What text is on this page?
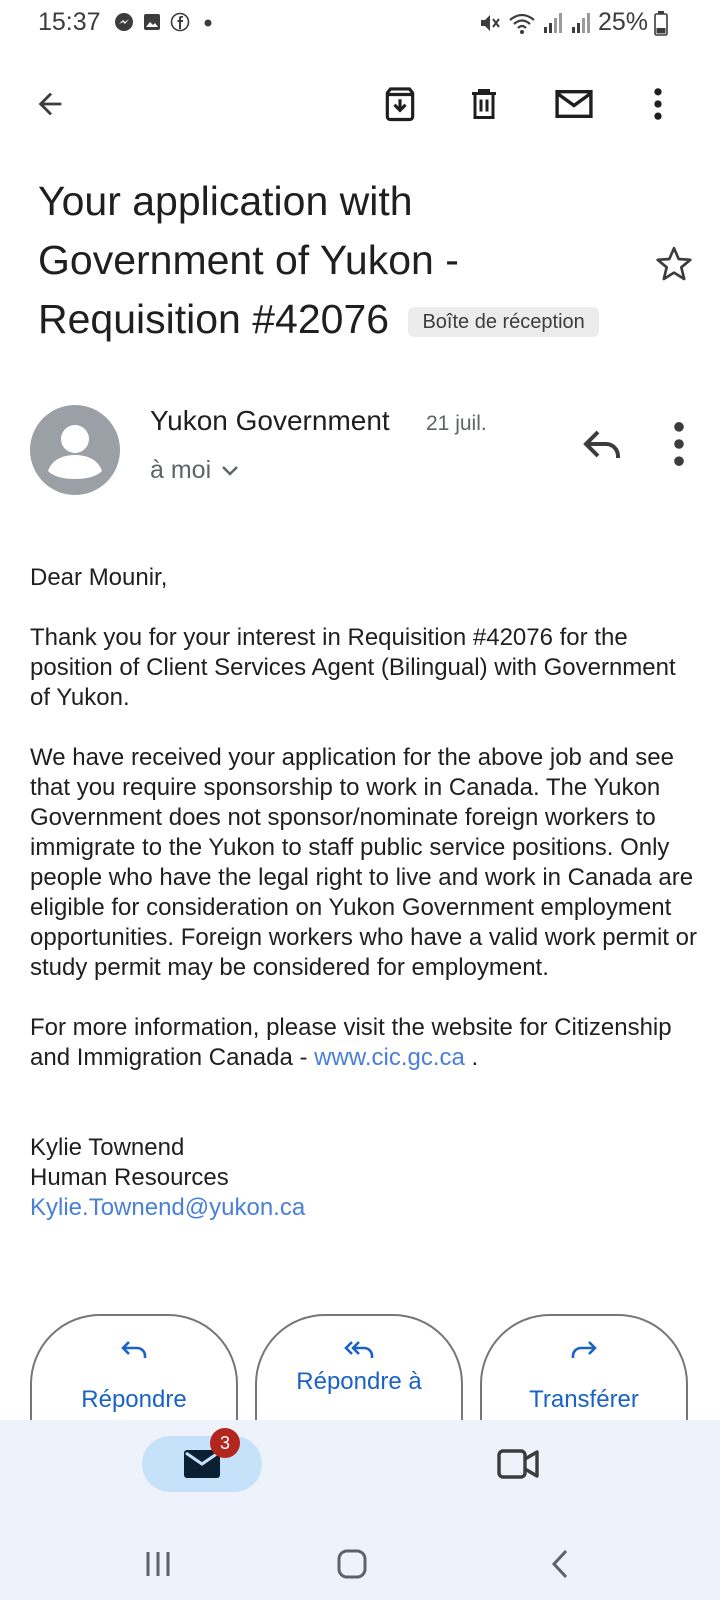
15:37	25%
Your application with Government of Yukon - Requisition #42076 Boîte de réception
Yukon Government 21 juil.
à moi

Dear Mounir,

Thank you for your interest in Requisition #42076 for the position of Client Services Agent (Bilingual) with Government of Yukon.

We have received your application for the above job and see that you require sponsorship to work in Canada. The Yukon Government does not sponsor/nominate foreign workers to immigrate to the Yukon to staff public service positions. Only people who have the legal right to live and work in Canada are eligible for consideration on Yukon Government employment opportunities. Foreign workers who have a valid work permit or study permit may be considered for employment.

For more information, please visit the website for Citizenship and Immigration Canada - www.cic.gc.ca .

Kylie Townend
Human Resources
Kylie.Townend@yukon.ca
Répondre
Répondre à
Transférer
3
